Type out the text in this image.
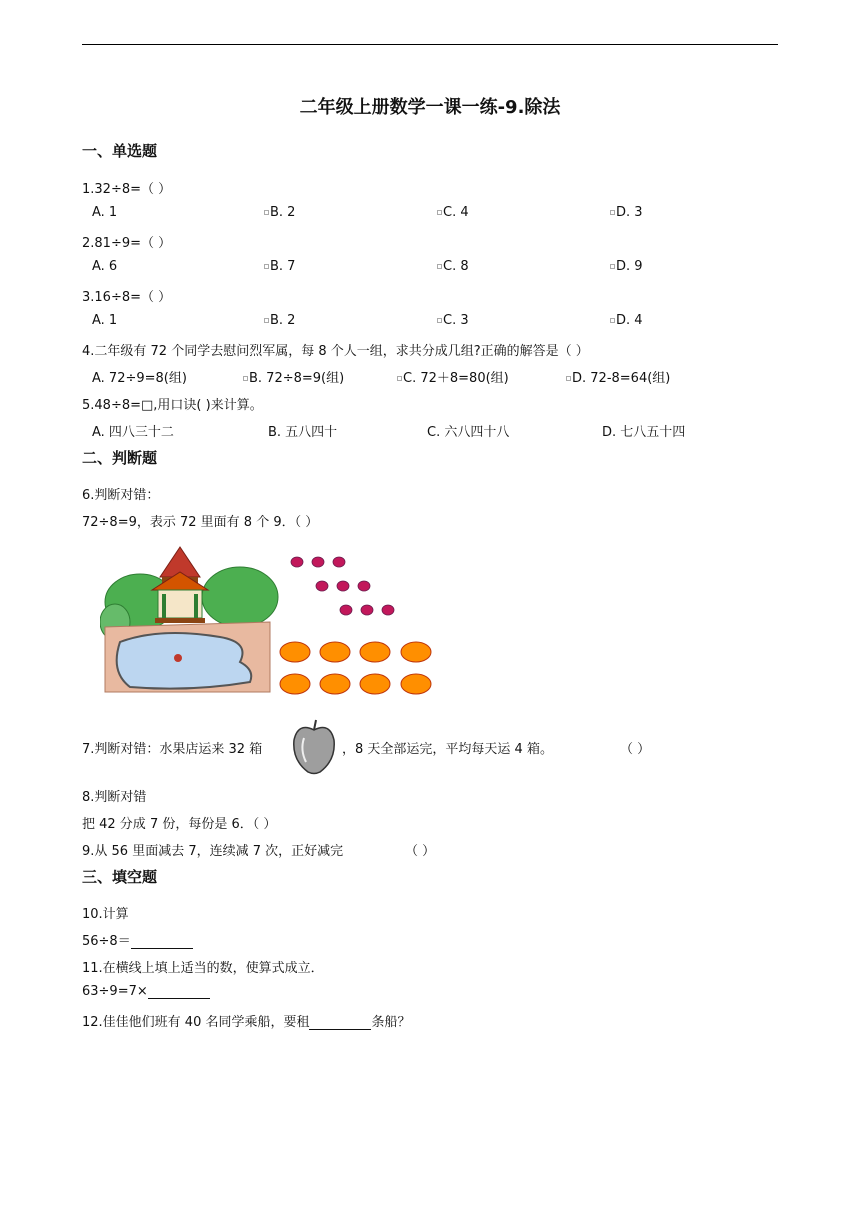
二年级上册数学一课一练-9.除法
一、单选题
1.32÷8=（ ）
A. 1	B. 2	C. 4	D. 3
2.81÷9=（ ）
A. 6	B. 7	C. 8	D. 9
3.16÷8=（ ）
A. 1	B. 2	C. 3	D. 4
4.二年级有 72 个同学去慰问烈军属，每 8 个人一组，求共分成几组?正确的解答是（ ）
A. 72÷9=8(组)	B. 72÷8=9(组)	C. 72＋8=80(组)	D. 72-8=64(组)
5.48÷8=□,用口诀( )来计算。
A. 四八三十二	B. 五八四十	C. 六八四十八	D. 七八五十四
二、判断题
6.判断对错：
72÷8=9，表示 72 里面有 8 个 9．（ ）
7.判断对错：水果店运来 32 箱	，8 天全部运完，平均每天运 4 箱。	（ ）
8.判断对错
把 42 分成 7 份，每份是 6．（ ）
9.从 56 里面减去 7，连续减 7 次，正好减完	（ ）
三、填空题
10.计算
56÷8＝
11.在横线上填上适当的数，使算式成立．
63÷9=7×
12.佳佳他们班有 40 名同学乘船，要租	条船？
